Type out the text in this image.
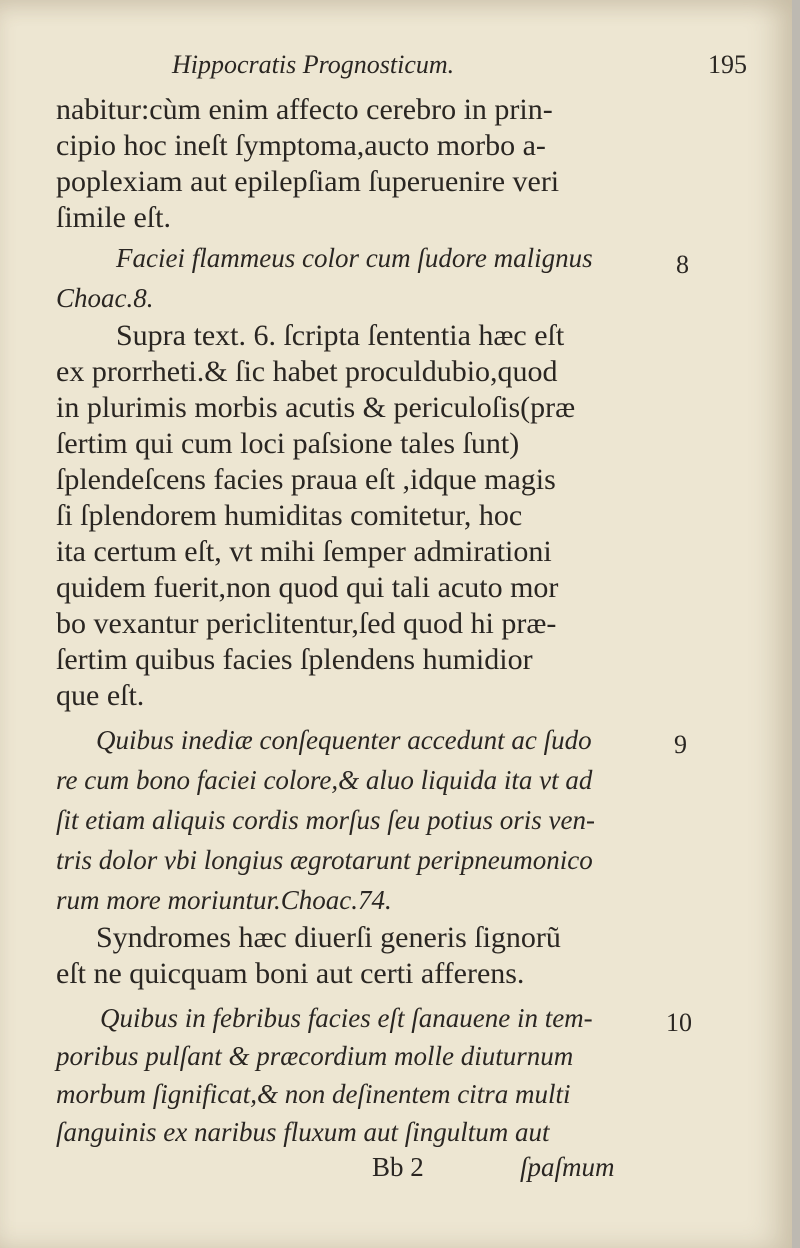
Hippocratis Prognosticum.	195
nabitur:cùm enim affecto cerebro in prin-
cipio hoc ineſt ſymptoma,aucto morbo a-
poplexiam aut epilepſiam ſuperuenire veri
ſimile eſt.
Faciei flammeus color cum ſudore malignus
Choac.8.
Supra text. 6. ſcripta ſententia hæc eſt
ex prorrheti.& ſic habet proculdubio,quod
in plurimis morbis acutis & periculoſis(præ
ſertim qui cum loci paſsione tales ſunt)
ſplendeſcens facies praua eſt ,idque magis
ſi ſplendorem humiditas comitetur, hoc
ita certum eſt, vt mihi ſemper admirationi
quidem fuerit,non quod qui tali acuto mor
bo vexantur periclitentur,ſed quod hi præ-
ſertim quibus facies ſplendens humidior
que eſt.
Quibus inediæ conſequenter accedunt ac ſudo
re cum bono faciei colore,& aluo liquida ita vt ad
ſit etiam aliquis cordis morſus ſeu potius oris ven-
tris dolor vbi longius ægrotarunt peripneumonico
rum more moriuntur.Choac.74.
Syndromes hæc diuerſi generis ſignorũ
eſt ne quicquam boni aut certi afferens.
Quibus in febribus facies eſt ſanauene in tem-
poribus pulſant & præcordium molle diuturnum
morbum ſignificat,& non deſinentem citra multi
ſanguinis ex naribus fluxum aut ſingultum aut
8
9
10
Bb 2	ſpaſmum
